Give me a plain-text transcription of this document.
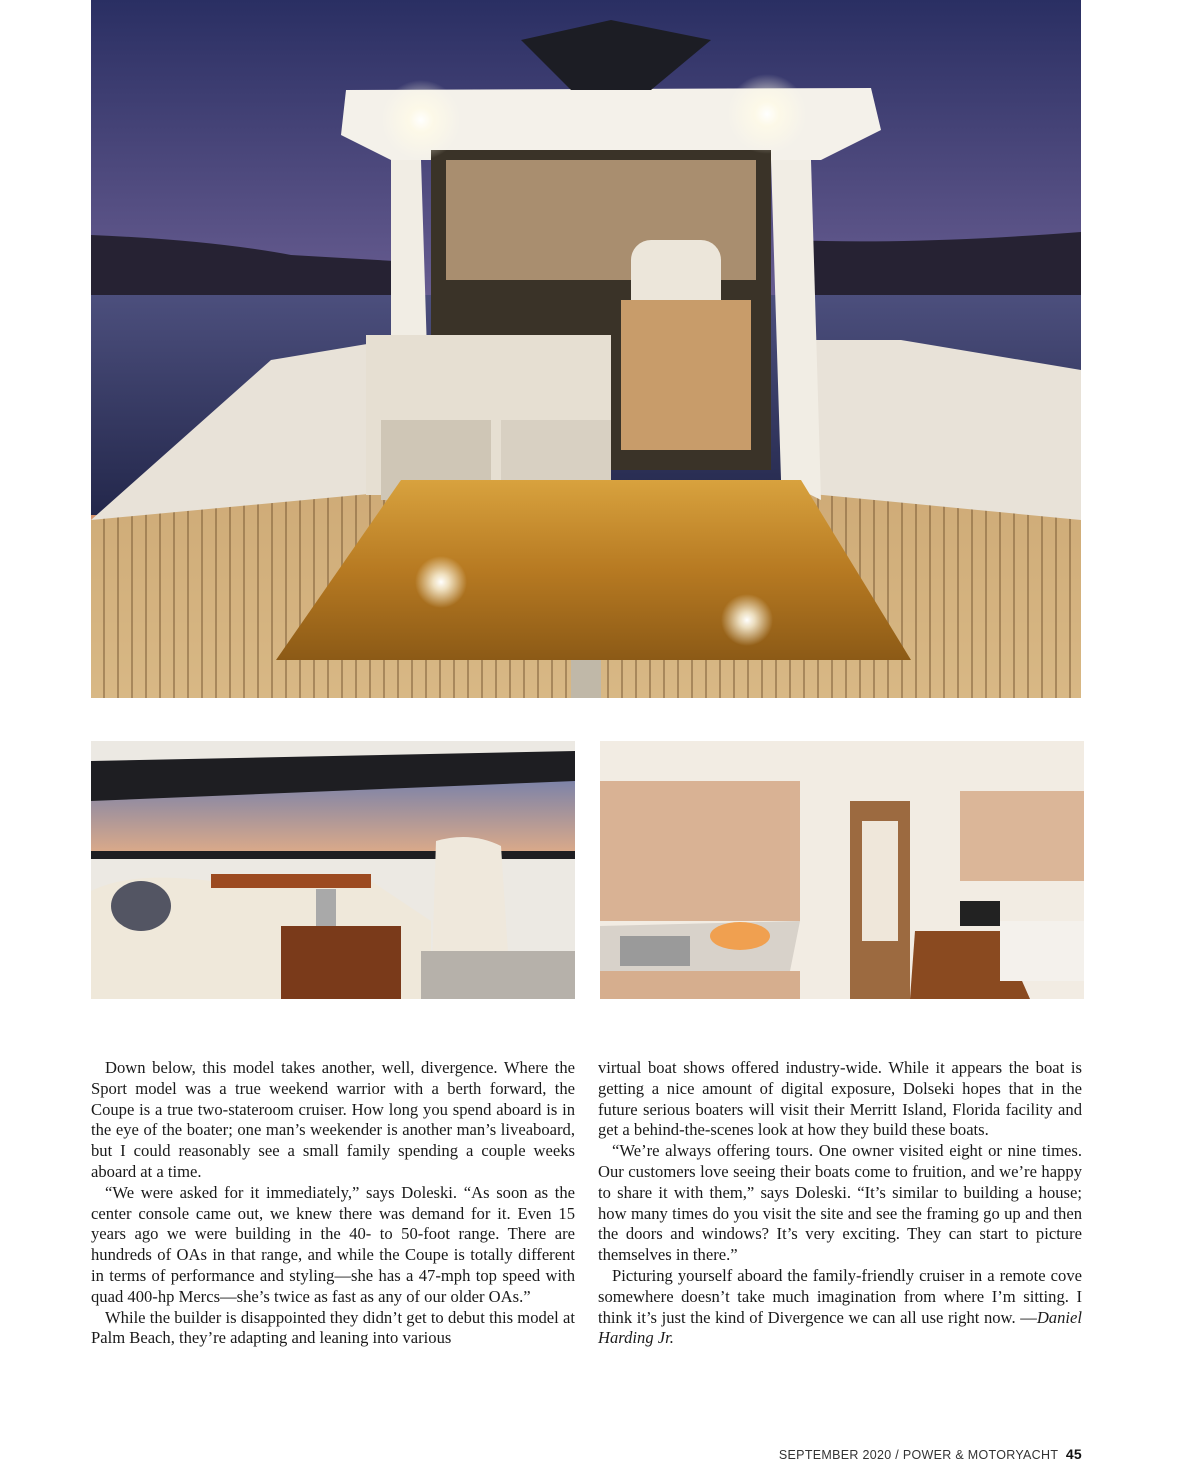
Down below, this model takes another, well, divergence. Where the Sport model was a true weekend warrior with a berth forward, the Coupe is a true two-stateroom cruiser. How long you spend aboard is in the eye of the boater; one man’s weekender is another man’s liveaboard, but I could reasonably see a small family spending a couple weeks aboard at a time.

“We were asked for it immediately,” says Doleski. “As soon as the center console came out, we knew there was demand for it. Even 15 years ago we were building in the 40- to 50-foot range. There are hundreds of OAs in that range, and while the Coupe is totally different in terms of performance and styling—she has a 47-mph top speed with quad 400-hp Mercs—she’s twice as fast as any of our older OAs.”

While the builder is disappointed they didn’t get to debut this model at Palm Beach, they’re adapting and leaning into various

virtual boat shows offered industry-wide. While it appears the boat is getting a nice amount of digital exposure, Dolseki hopes that in the future serious boaters will visit their Merritt Island, Florida facility and get a behind-the-scenes look at how they build these boats.

“We’re always offering tours. One owner visited eight or nine times. Our customers love seeing their boats come to fruition, and we’re happy to share it with them,” says Doleski. “It’s similar to building a house; how many times do you visit the site and see the framing go up and then the doors and windows? It’s very exciting. They can start to picture themselves in there.”

Picturing yourself aboard the family-friendly cruiser in a remote cove somewhere doesn’t take much imagination from where I’m sitting. I think it’s just the kind of Divergence we can all use right now. —Daniel Harding Jr.

SEPTEMBER 2020 / POWER & MOTORYACHT 45
